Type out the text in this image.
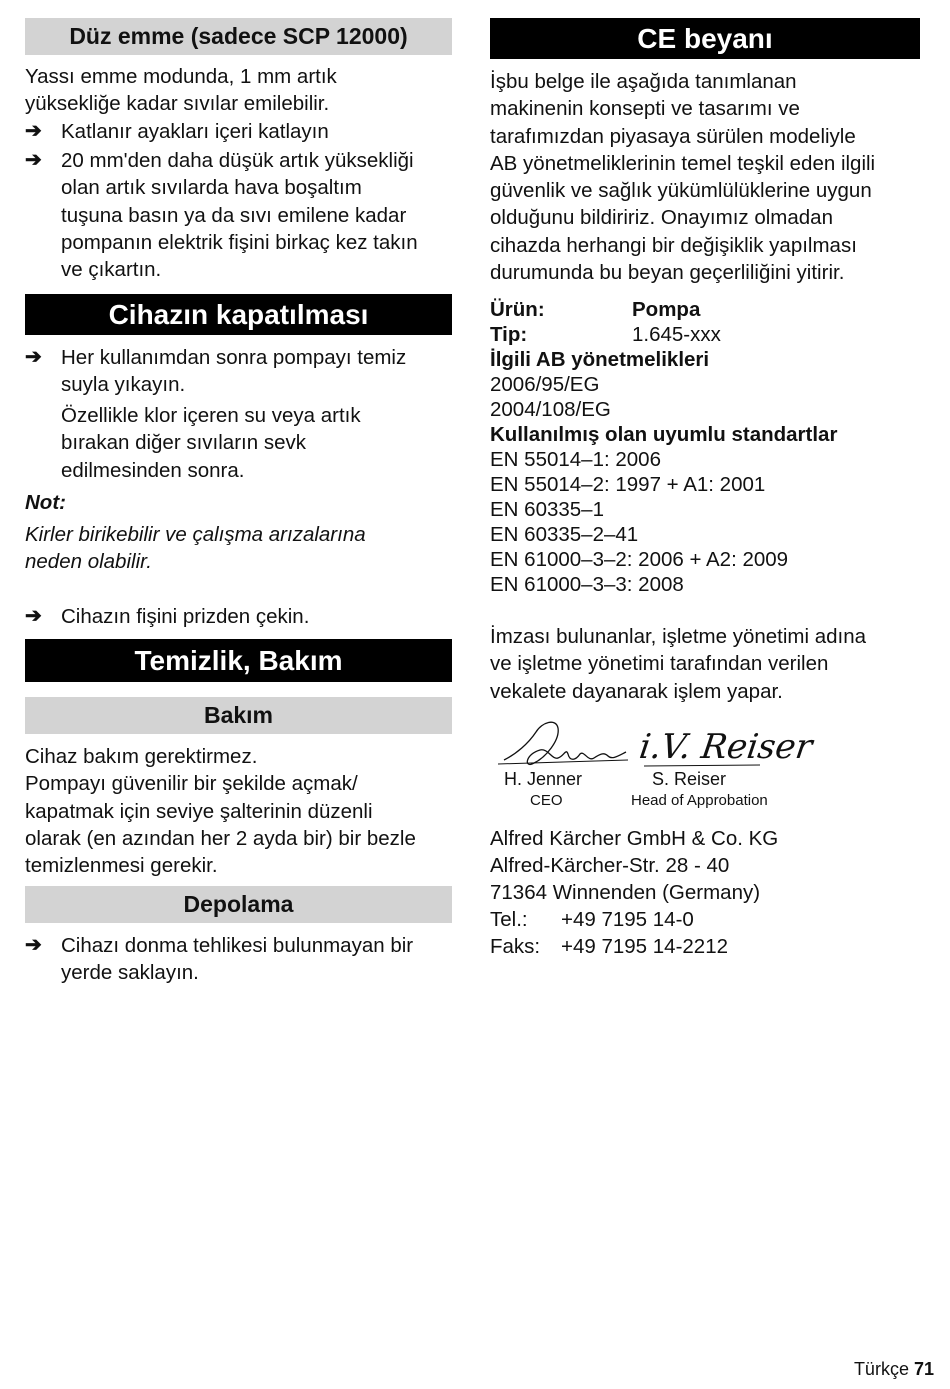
Düz emme (sadece SCP 12000)
Yassı emme modunda, 1 mm artık
yüksekliğe kadar sıvılar emilebilir.
➔ Katlanır ayakları içeri katlayın
➔ 20 mm'den daha düşük artık yüksekliği
olan artık sıvılarda hava boşaltım
tuşuna basın ya da sıvı emilene kadar
pompanın elektrik fişini birkaç kez takın
ve çıkartın.
Cihazın kapatılması
➔ Her kullanımdan sonra pompayı temiz
suyla yıkayın.
Özellikle klor içeren su veya artık
bırakan diğer sıvıların sevk
edilmesinden sonra.
Not:
Kirler birikebilir ve çalışma arızalarına
neden olabilir.
➔ Cihazın fişini prizden çekin.
Temizlik, Bakım
Bakım
Cihaz bakım gerektirmez.
Pompayı güvenilir bir şekilde açmak/
kapatmak için seviye şalterinin düzenli
olarak (en azından her 2 ayda bir) bir bezle
temizlenmesi gerekir.
Depolama
➔ Cihazı donma tehlikesi bulunmayan bir
yerde saklayın.
CE beyanı
İşbu belge ile aşağıda tanımlanan
makinenin konsepti ve tasarımı ve
tarafımızdan piyasaya sürülen modeliyle
AB yönetmeliklerinin temel teşkil eden ilgili
güvenlik ve sağlık yükümlülüklerine uygun
olduğunu bildiririz. Onayımız olmadan
cihazda herhangi bir değişiklik yapılması
durumunda bu beyan geçerliliğini yitirir.
Ürün:	Pompa
Tip:	1.645-xxx
İlgili AB yönetmelikleri
2006/95/EG
2004/108/EG
Kullanılmış olan uyumlu standartlar
EN 55014–1: 2006
EN 55014–2: 1997 + A1: 2001
EN 60335–1
EN 60335–2–41
EN 61000–3–2: 2006 + A2: 2009
EN 61000–3–3: 2008
İmzası bulunanlar, işletme yönetimi adına
ve işletme yönetimi tarafından verilen
vekalete dayanarak işlem yapar.
i.V. Reiser
H. Jenner
CEO
S. Reiser
Head of Approbation
Alfred Kärcher GmbH & Co. KG
Alfred-Kärcher-Str. 28 - 40
71364 Winnenden (Germany)
Tel.: +49 7195 14-0
Faks: +49 7195 14-2212
Türkçe 71
